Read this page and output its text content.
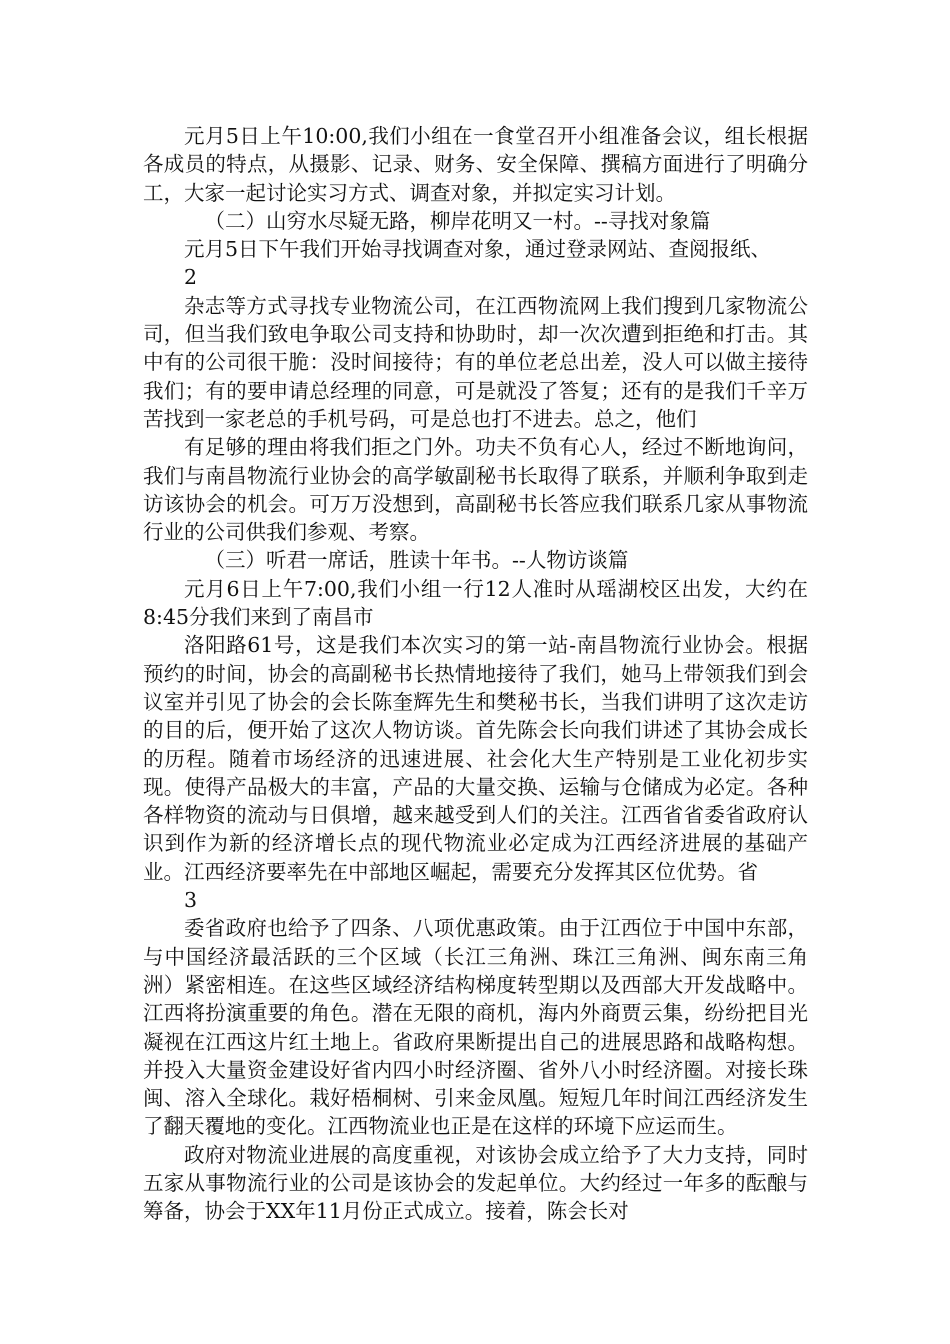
元月5日上午10:00,我们小组在一食堂召开小组准备会议，组长根据各成员的特点，从摄影、记录、财务、安全保障、撰稿方面进行了明确分工，大家一起讨论实习方式、调查对象，并拟定实习计划。

（二）山穷水尽疑无路，柳岸花明又一村。--寻找对象篇

元月5日下午我们开始寻找调查对象，通过登录网站、查阅报纸、

2

杂志等方式寻找专业物流公司，在江西物流网上我们搜到几家物流公司，但当我们致电争取公司支持和协助时，却一次次遭到拒绝和打击。其中有的公司很干脆：没时间接待；有的单位老总出差，没人可以做主接待我们；有的要申请总经理的同意，可是就没了答复；还有的是我们千辛万苦找到一家老总的手机号码，可是总也打不进去。总之，他们

有足够的理由将我们拒之门外。功夫不负有心人，经过不断地询问，我们与南昌物流行业协会的高学敏副秘书长取得了联系，并顺利争取到走访该协会的机会。可万万没想到，高副秘书长答应我们联系几家从事物流行业的公司供我们参观、考察。

（三）听君一席话，胜读十年书。--人物访谈篇

元月6日上午7:00,我们小组一行12人准时从瑶湖校区出发，大约在8:45分我们来到了南昌市

洛阳路61号，这是我们本次实习的第一站-南昌物流行业协会。根据预约的时间，协会的高副秘书长热情地接待了我们，她马上带领我们到会议室并引见了协会的会长陈奎辉先生和樊秘书长，当我们讲明了这次走访的目的后，便开始了这次人物访谈。首先陈会长向我们讲述了其协会成长的历程。随着市场经济的迅速进展、社会化大生产特别是工业化初步实现。使得产品极大的丰富，产品的大量交换、运输与仓储成为必定。各种各样物资的流动与日俱增，越来越受到人们的关注。江西省省委省政府认识到作为新的经济增长点的现代物流业必定成为江西经济进展的基础产业。江西经济要率先在中部地区崛起，需要充分发挥其区位优势。省

3

委省政府也给予了四条、八项优惠政策。由于江西位于中国中东部，与中国经济最活跃的三个区域（长江三角洲、珠江三角洲、闽东南三角洲）紧密相连。在这些区域经济结构梯度转型期以及西部大开发战略中。江西将扮演重要的角色。潜在无限的商机，海内外商贾云集，纷纷把目光凝视在江西这片红土地上。省政府果断提出自己的进展思路和战略构想。并投入大量资金建设好省内四小时经济圈、省外八小时经济圈。对接长珠闽、溶入全球化。栽好梧桐树、引来金凤凰。短短几年时间江西经济发生了翻天覆地的变化。江西物流业也正是在这样的环境下应运而生。

政府对物流业进展的高度重视，对该协会成立给予了大力支持，同时五家从事物流行业的公司是该协会的发起单位。大约经过一年多的酝酿与筹备，协会于XX年11月份正式成立。接着，陈会长对
